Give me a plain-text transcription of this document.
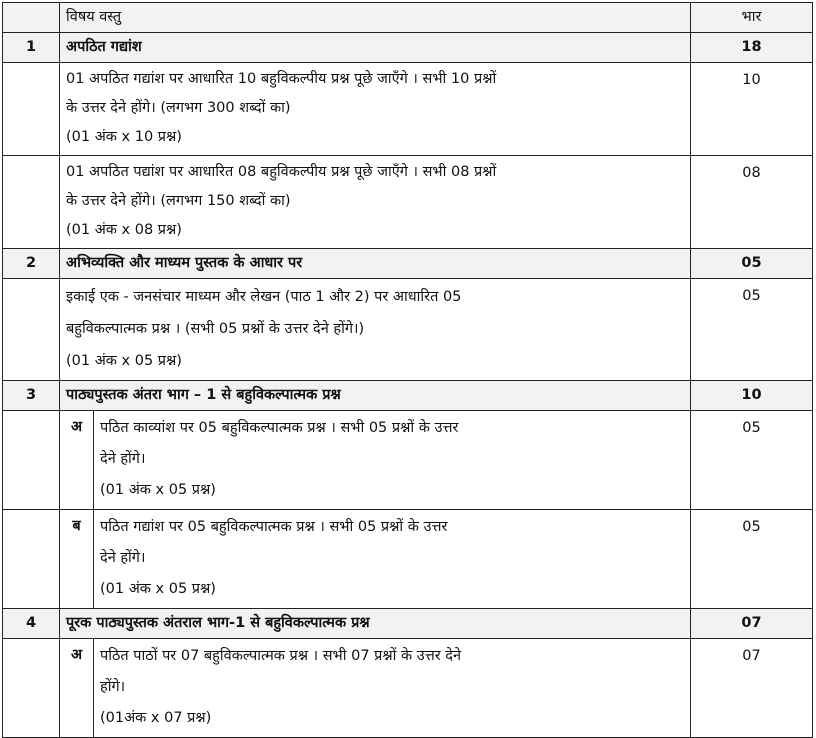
	विषय वस्तु		भार
1	अपठित गद्यांश		18

	01 अपठित गद्यांश पर आधारित 10 बहुविकल्पीय प्रश्न पूछे जाएँगे । सभी 10 प्रश्नों
के उत्तर देने होंगे। (लगभग 300 शब्दों का)
(01 अंक x 10 प्रश्न)		10

	01 अपठित पद्यांश पर आधारित 08 बहुविकल्पीय प्रश्न पूछे जाएँगे । सभी 08 प्रश्नों
के उत्तर देने होंगे। (लगभग 150 शब्दों का)
(01 अंक x 08 प्रश्न)		08
2	अभिव्यक्ति और माध्यम पुस्तक के आधार पर		05

	इकाई एक - जनसंचार माध्यम और लेखन (पाठ 1 और 2) पर आधारित 05
बहुविकल्पात्मक प्रश्न । (सभी 05 प्रश्नों के उत्तर देने होंगे।)
(01 अंक x 05 प्रश्न)		05
3	पाठ्यपुस्तक अंतरा भाग – 1 से बहुविकल्पात्मक प्रश्न		10
	अ	पठित काव्यांश पर 05 बहुविकल्पात्मक प्रश्न । सभी 05 प्रश्नों के उत्तर
देने होंगे।
(01 अंक x 05 प्रश्न)	05
	ब	पठित गद्यांश पर 05 बहुविकल्पात्मक प्रश्न । सभी 05 प्रश्नों के उत्तर
देने होंगे।
(01 अंक x 05 प्रश्न)	05
4	पूरक पाठ्यपुस्तक अंतराल भाग-1 से बहुविकल्पात्मक प्रश्न		07
	अ	पठित पाठों पर 07 बहुविकल्पात्मक प्रश्न । सभी 07 प्रश्नों के उत्तर देने
होंगे।
(01अंक x 07 प्रश्न)	07
